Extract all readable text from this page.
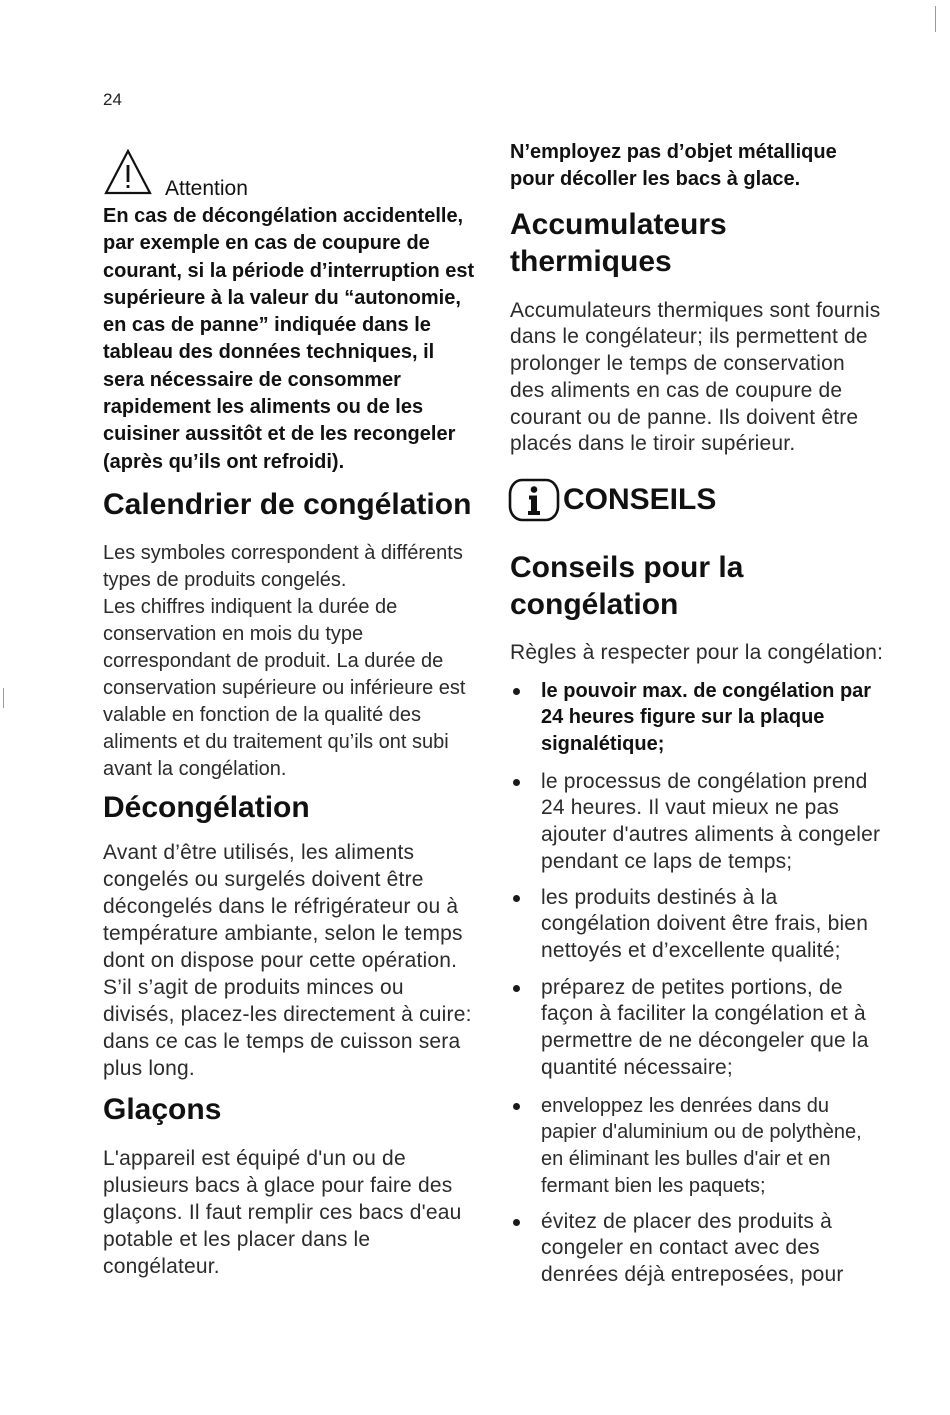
24
Attention
En cas de décongélation accidentelle,
par exemple en cas de coupure de
courant, si la période d’interruption est
supérieure à la valeur du “autonomie,
en cas de panne” indiquée dans le
tableau des données techniques, il
sera nécessaire de consommer
rapidement les aliments ou de les
cuisiner aussitôt et de les recongeler
(après qu’ils ont refroidi).
Calendrier de congélation
Les symboles correspondent à différents
types de produits congelés.
Les chiffres indiquent la durée de
conservation en mois du type
correspondant de produit. La durée de
conservation supérieure ou inférieure est
valable en fonction de la qualité des
aliments et du traitement qu’ils ont subi
avant la congélation.
Décongélation
Avant d’être utilisés, les aliments
congelés ou surgelés doivent être
décongelés dans le réfrigérateur ou à
température ambiante, selon le temps
dont on dispose pour cette opération.
S’il s’agit de produits minces ou
divisés, placez-les directement à cuire:
dans ce cas le temps de cuisson sera
plus long.
Glaçons
L'appareil est équipé d'un ou de
plusieurs bacs à glace pour faire des
glaçons. Il faut remplir ces bacs d'eau
potable et les placer dans le
congélateur.
N’employez pas d’objet métallique
pour décoller les bacs à glace.
Accumulateurs
thermiques
Accumulateurs thermiques sont fournis
dans le congélateur; ils permettent de
prolonger le temps de conservation
des aliments en cas de coupure de
courant ou de panne. Ils doivent être
placés dans le tiroir supérieur.
CONSEILS
Conseils pour la
congélation
Règles à respecter pour la congélation:
le pouvoir max. de congélation par
24 heures figure sur la plaque
signalétique;
le processus de congélation prend
24 heures. Il vaut mieux ne pas
ajouter d'autres aliments à congeler
pendant ce laps de temps;
les produits destinés à la
congélation doivent être frais, bien
nettoyés et d’excellente qualité;
préparez de petites portions, de
façon à faciliter la congélation et à
permettre de ne décongeler que la
quantité nécessaire;
enveloppez les denrées dans du
papier d'aluminium ou de polythène,
en éliminant les bulles d'air et en
fermant bien les paquets;
évitez de placer des produits à
congeler en contact avec des
denrées déjà entreposées, pour
